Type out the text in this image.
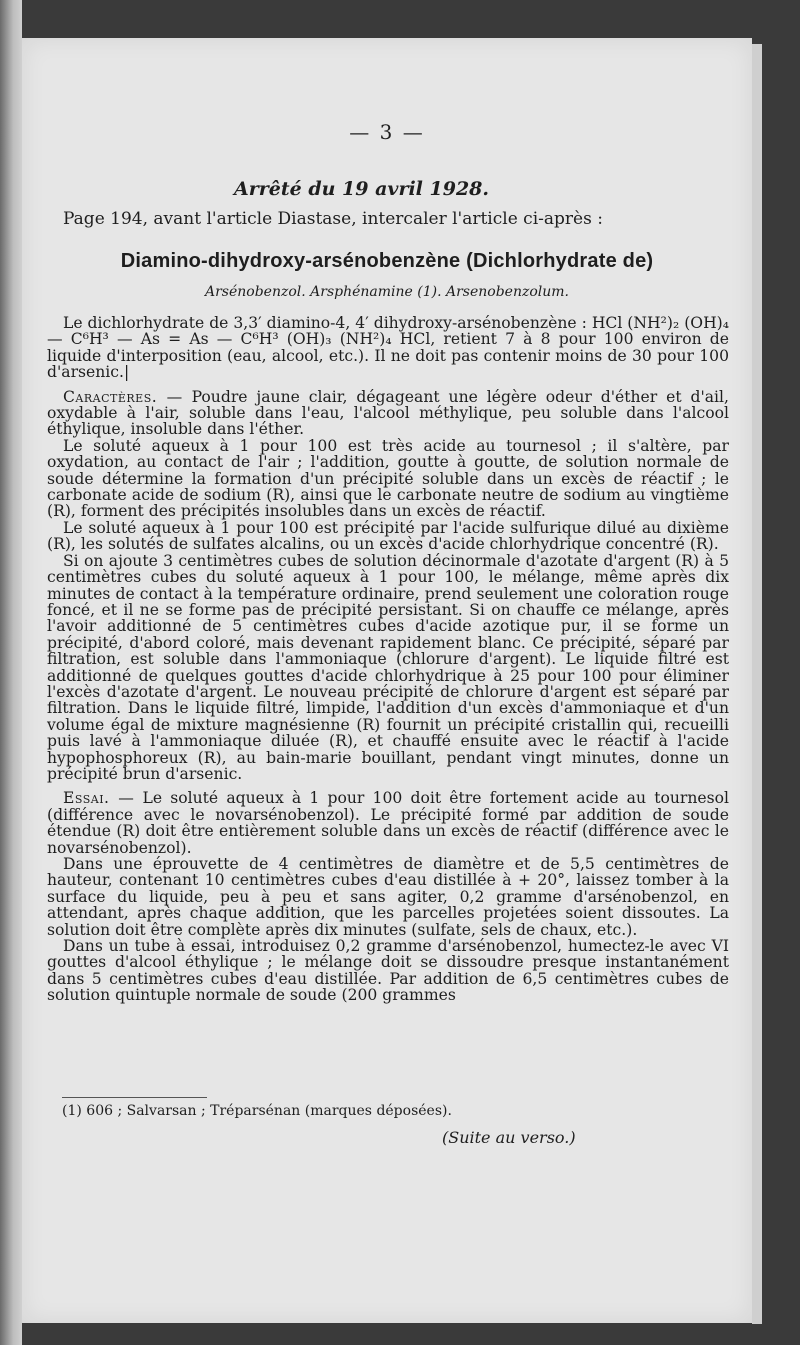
— 3 —
Arrêté du 19 avril 1928.
Page 194, avant l'article Diastase, intercaler l'article ci-après :
Diamino-dihydroxy-arsénobenzène (Dichlorhydrate de)
Arsénobenzol. Arsphénamine (1). Arsenobenzolum.

Le dichlorhydrate de 3,3′ diamino-4, 4′ dihydroxy-arsénobenzène : HCl (NH²)₂ (OH)₄ — C⁶H³ — As = As — C⁶H³ (OH)₃ (NH²)₄ HCl, retient 7 à 8 pour 100 environ de liquide d'interposition (eau, alcool, etc.). Il ne doit pas contenir moins de 30 pour 100 d'arsenic.|

Caractères. — Poudre jaune clair, dégageant une légère odeur d'éther et d'ail, oxydable à l'air, soluble dans l'eau, l'alcool méthylique, peu soluble dans l'alcool éthylique, insoluble dans l'éther.

Le soluté aqueux à 1 pour 100 est très acide au tournesol ; il s'altère, par oxydation, au contact de l'air ; l'addition, goutte à goutte, de solution normale de soude détermine la formation d'un précipité soluble dans un excès de réactif ; le carbonate acide de sodium (R), ainsi que le carbonate neutre de sodium au vingtième (R), forment des précipités insolubles dans un excès de réactif.

Le soluté aqueux à 1 pour 100 est précipité par l'acide sulfurique dilué au dixième (R), les solutés de sulfates alcalins, ou un excès d'acide chlorhydrique concentré (R).

Si on ajoute 3 centimètres cubes de solution décinormale d'azotate d'argent (R) à 5 centimètres cubes du soluté aqueux à 1 pour 100, le mélange, même après dix minutes de contact à la température ordinaire, prend seulement une coloration rouge foncé, et il ne se forme pas de précipité persistant. Si on chauffe ce mélange, après l'avoir additionné de 5 centimètres cubes d'acide azotique pur, il se forme un précipité, d'abord coloré, mais devenant rapidement blanc. Ce précipité, séparé par filtration, est soluble dans l'ammoniaque (chlorure d'argent). Le liquide filtré est additionné de quelques gouttes d'acide chlorhydrique à 25 pour 100 pour éliminer l'excès d'azotate d'argent. Le nouveau précipité de chlorure d'argent est séparé par filtration. Dans le liquide filtré, limpide, l'addition d'un excès d'ammoniaque et d'un volume égal de mixture magnésienne (R) fournit un précipité cristallin qui, recueilli puis lavé à l'ammoniaque diluée (R), et chauffé ensuite avec le réactif à l'acide hypophosphoreux (R), au bain-marie bouillant, pendant vingt minutes, donne un précipité brun d'arsenic.

Essai. — Le soluté aqueux à 1 pour 100 doit être fortement acide au tournesol (différence avec le novarsénobenzol). Le précipité formé par addition de soude étendue (R) doit être entièrement soluble dans un excès de réactif (différence avec le novarsénobenzol).

Dans une éprouvette de 4 centimètres de diamètre et de 5,5 centimètres de hauteur, contenant 10 centimètres cubes d'eau distillée à + 20°, laissez tomber à la surface du liquide, peu à peu et sans agiter, 0,2 gramme d'arsénobenzol, en attendant, après chaque addition, que les parcelles projetées soient dissoutes. La solution doit être complète après dix minutes (sulfate, sels de chaux, etc.).

Dans un tube à essai, introduisez 0,2 gramme d'arsénobenzol, humectez-le avec VI gouttes d'alcool éthylique ; le mélange doit se dissoudre presque instantanément dans 5 centimètres cubes d'eau distillée. Par addition de 6,5 centimètres cubes de solution quintuple normale de soude (200 grammes

(1) 606 ; Salvarsan ; Tréparsénan (marques déposées).
(Suite au verso.)
